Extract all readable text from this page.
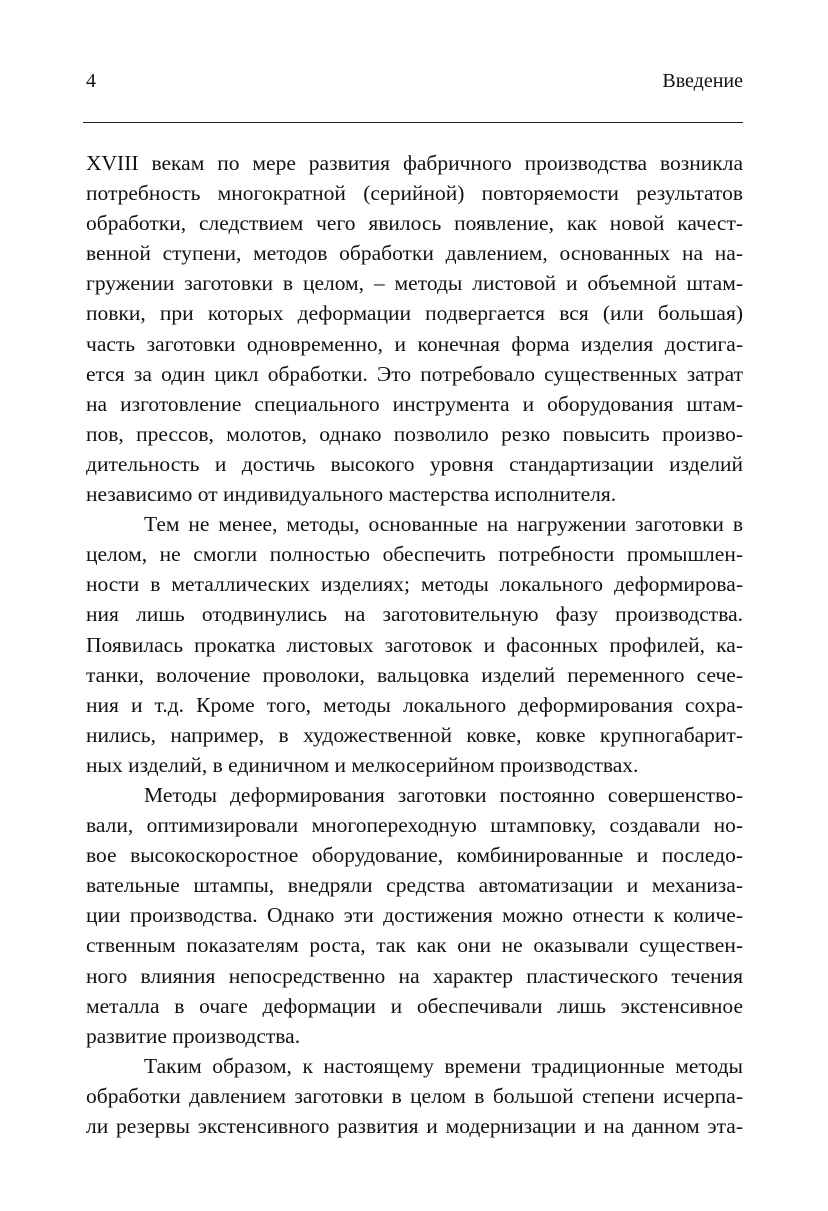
4	Введение
XVIII векам по мере развития фабричного производства возникла
потребность многократной (серийной) повторяемости результатов
обработки, следствием чего явилось появление, как новой качест-
венной ступени, методов обработки давлением, основанных на на-
гружении заготовки в целом, – методы листовой и объемной штам-
повки, при которых деформации подвергается вся (или большая)
часть заготовки одновременно, и конечная форма изделия достига-
ется за один цикл обработки. Это потребовало существенных затрат
на изготовление специального инструмента и оборудования штам-
пов, прессов, молотов, однако позволило резко повысить произво-
дительность и достичь высокого уровня стандартизации изделий
независимо от индивидуального мастерства исполнителя.
Тем не менее, методы, основанные на нагружении заготовки в
целом, не смогли полностью обеспечить потребности промышлен-
ности в металлических изделиях; методы локального деформирова-
ния лишь отодвинулись на заготовительную фазу производства.
Появилась прокатка листовых заготовок и фасонных профилей, ка-
танки, волочение проволоки, вальцовка изделий переменного сече-
ния и т.д. Кроме того, методы локального деформирования сохра-
нились, например, в художественной ковке, ковке крупногабарит-
ных изделий, в единичном и мелкосерийном производствах.
Методы деформирования заготовки постоянно совершенство-
вали, оптимизировали многопереходную штамповку, создавали но-
вое высокоскоростное оборудование, комбинированные и последо-
вательные штампы, внедряли средства автоматизации и механиза-
ции производства. Однако эти достижения можно отнести к количе-
ственным показателям роста, так как они не оказывали существен-
ного влияния непосредственно на характер пластического течения
металла в очаге деформации и обеспечивали лишь экстенсивное
развитие производства.
Таким образом, к настоящему времени традиционные методы
обработки давлением заготовки в целом в большой степени исчерпа-
ли резервы экстенсивного развития и модернизации и на данном эта-
